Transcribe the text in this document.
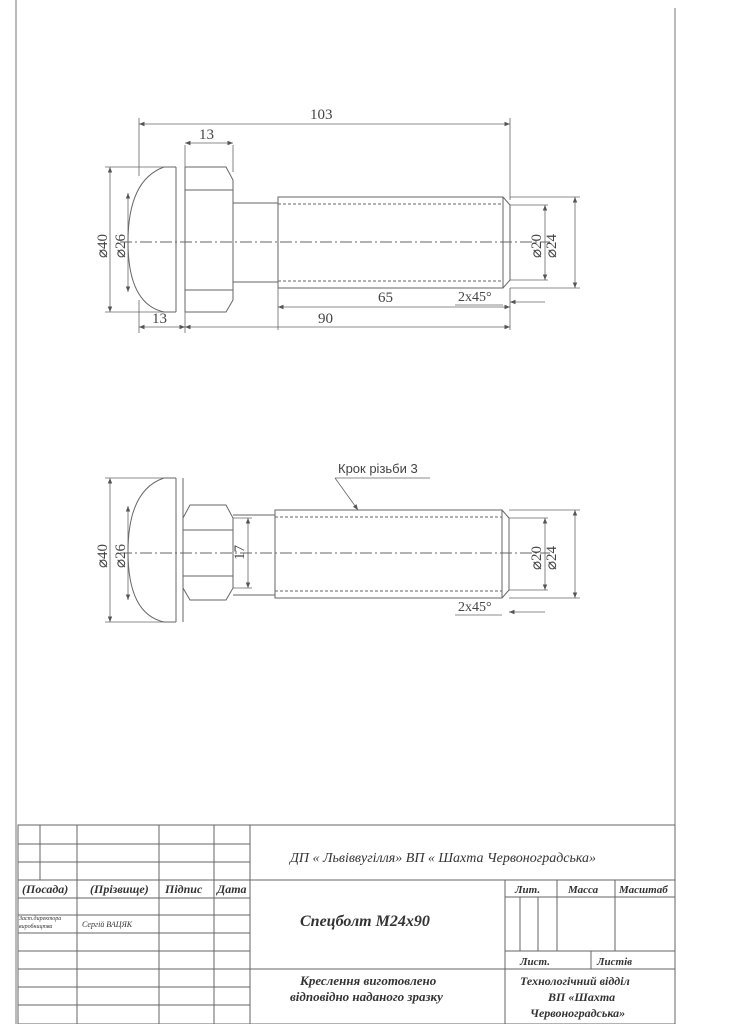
103
13
⌀40 ⌀26	⌀20 ⌀24
65	2x45°
13	90
Крок різьби 3
⌀40 ⌀26	17	⌀20 ⌀24
2x45°
ДП « Львіввугілля» ВП « Шахта Червоноградська»
(Посада) (Прізвище) Підпис Дата
Заст.директора
виробництва	Сергій ВАЦЯК	Спецболт М24х90
Лит.	Масса Масштаб
Лист.	Листів
Креслення виготовлено
відповідно наданого зразку
Технологічний відділ
ВП «Шахта
Червоноградська»
